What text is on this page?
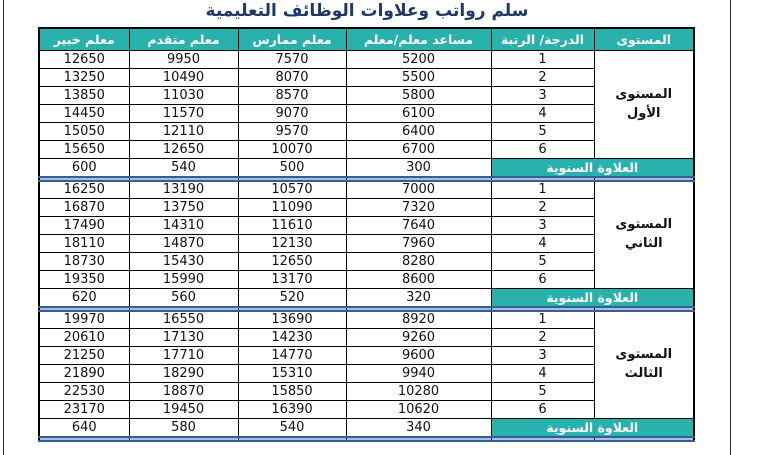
سلم رواتب وعلاوات الوظائف التعليمية
المستوى	الدرجة/ الرتبة	مساعد معلم/معلم	معلم ممارس	معلم متقدم	معلم خبير
المستوى الأول	1	5200	7570	9950	12650
	2	5500	8070	10490	13250
	3	5800	8570	11030	13850
	4	6100	9070	11570	14450
	5	6400	9570	12110	15050
	6	6700	10070	12650	15650
العلاوة السنوية		300	500	540	600

المستوى الثاني	1	7000	10570	13190	16250
	2	7320	11090	13750	16870
	3	7640	11610	14310	17490
	4	7960	12130	14870	18110
	5	8280	12650	15430	18730
	6	8600	13170	15990	19350
العلاوة السنوية		320	520	560	620

المستوى الثالث	1	8920	13690	16550	19970
	2	9260	14230	17130	20610
	3	9600	14770	17710	21250
	4	9940	15310	18290	21890
	5	10280	15850	18870	22530
	6	10620	16390	19450	23170
العلاوة السنوية		340	540	580	640
